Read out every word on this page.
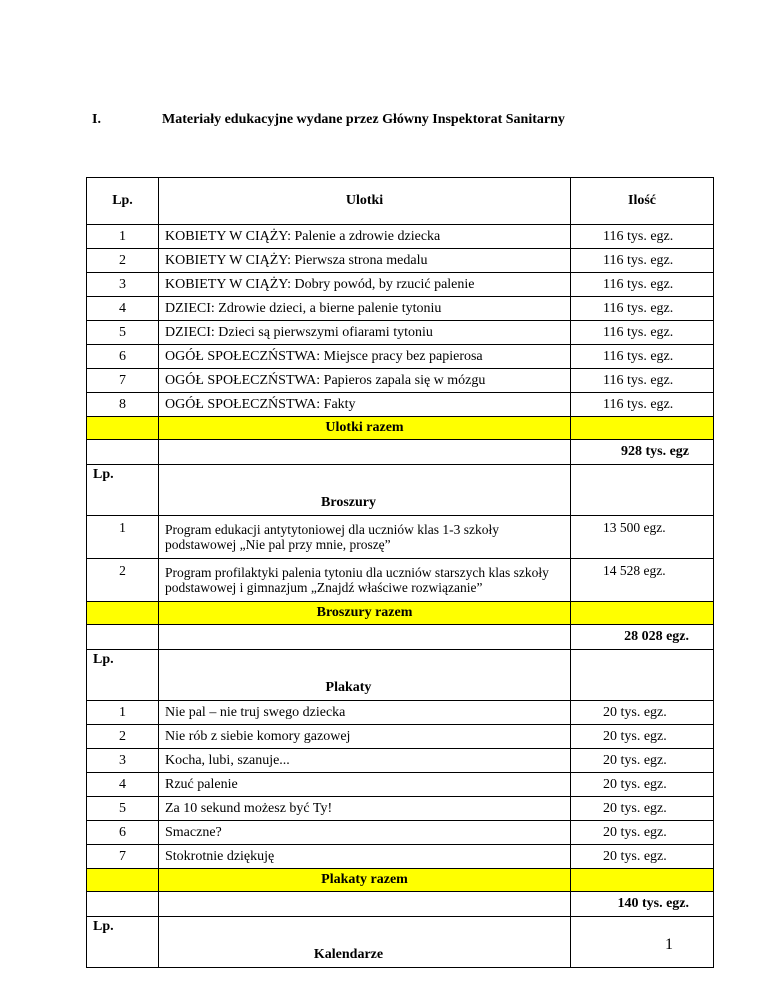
I.	Materiały edukacyjne wydane przez Główny Inspektorat Sanitarny
Lp.	Ulotki	Ilość
1	KOBIETY W CIĄŻY: Palenie a zdrowie dziecka	116 tys. egz.
2	KOBIETY W CIĄŻY: Pierwsza strona medalu	116 tys. egz.
3	KOBIETY W CIĄŻY: Dobry powód, by rzucić palenie	116 tys. egz.
4	DZIECI: Zdrowie dzieci, a bierne palenie tytoniu	116 tys. egz.
5	DZIECI: Dzieci są pierwszymi ofiarami tytoniu	116 tys. egz.
6	OGÓŁ SPOŁECZŃSTWA: Miejsce pracy bez papierosa	116 tys. egz.
7	OGÓŁ SPOŁECZŃSTWA: Papieros zapala się w mózgu	116 tys. egz.
8	OGÓŁ SPOŁECZŃSTWA: Fakty	116 tys. egz.
	Ulotki razem	
		928 tys. egz
Lp.	Broszury	
1	Program edukacji antytytoniowej dla uczniów klas 1-3 szkoły podstawowej „Nie pal przy mnie, proszę”	13 500 egz.
2	Program profilaktyki palenia tytoniu dla uczniów starszych klas szkoły podstawowej i gimnazjum „Znajdź właściwe rozwiązanie”	14 528 egz.
	Broszury razem	
		28 028 egz.
Lp.	Plakaty	
1	Nie pal – nie truj swego dziecka	20 tys. egz.
2	Nie rób z siebie komory gazowej	20 tys. egz.
3	Kocha, lubi, szanuje...	20 tys. egz.
4	Rzuć palenie	20 tys. egz.
5	Za 10 sekund możesz być Ty!	20 tys. egz.
6	Smaczne?	20 tys. egz.
7	Stokrotnie dziękuję	20 tys. egz.
	Plakaty razem	
		140 tys. egz.
Lp.	Kalendarze	
1
